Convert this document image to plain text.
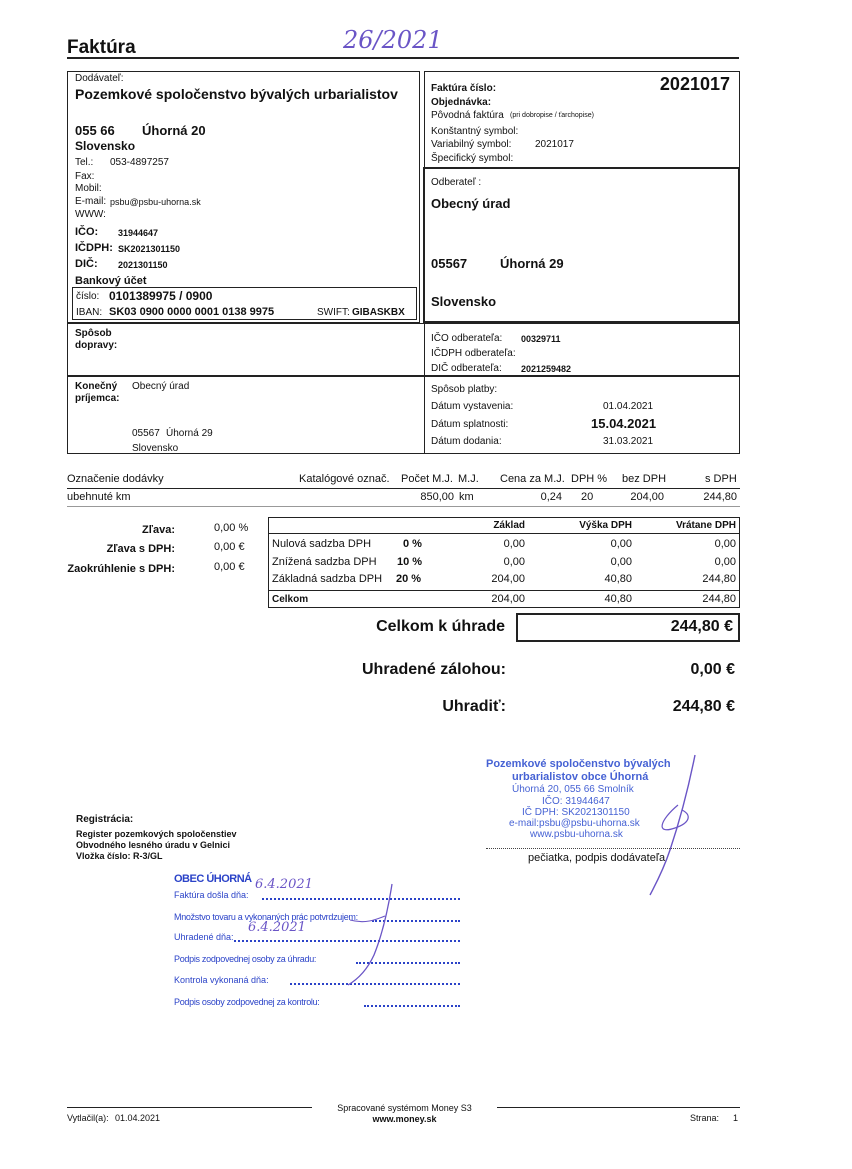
Faktúra	26/2021
Dodávateľ:
Pozemkové spoločenstvo bývalých urbarialistov
055 66 Úhorná 20
Slovensko
Tel.: 053-4897257
Fax:
Mobil:
E-mail: psbu@psbu-uhorna.sk
WWW:
IČO: 31944647
IČDPH: SK2021301150
DIČ: 2021301150
Bankový účet
číslo: 0101389975 / 0900
IBAN: SK03 0900 0000 0001 0138 9975	SWIFT: GIBASKBX
Faktúra číslo:	2021017
Objednávka:
Pôvodná faktúra (pri dobropise / ťarchopise)
Konštantný symbol:
Variabilný symbol: 2021017
Špecifický symbol:
Odberateľ :
Obecný úrad
05567	Úhorná 29
Slovensko
Spôsob
dopravy:
IČO odberateľa: 00329711
IČDPH odberateľa:
DIČ odberateľa: 2021259482
Konečný
príjemca:
Obecný úrad
05567 Úhorná 29
Slovensko
Spôsob platby:
Dátum vystavenia:	01.04.2021
Dátum splatnosti:	15.04.2021
Dátum dodania:	31.03.2021
Označenie dodávky	Katalógové označ. Počet M.J. M.J. Cena za M.J. DPH % bez DPH	s DPH
ubehnuté km	850,00 km	0,24 20	204,00	244,80
Zľava:	0,00 %
Zľava s DPH:	0,00 €
Zaokrúhlenie s DPH:	0,00 €
Základ	Výška DPH	Vrátane DPH
Nulová sadzba DPH	0 %	0,00	0,00	0,00
Znížená sadzba DPH 10 %	0,00	0,00	0,00
Základná sadzba DPH 20 %	204,00	40,80	244,80
Celkom	204,00	40,80	244,80
Celkom k úhrade	244,80 €
Uhradené zálohou:	0,00 €
Uhradiť:	244,80 €
Pozemkové spoločenstvo bývalých
urbarialistov obce Úhorná
Úhorná 20, 055 66 Smolník
IČO: 31944647
IČ DPH: SK2021301150
e-mail:psbu@psbu-uhorna.sk
www.psbu-uhorna.sk
pečiatka, podpis dodávateľa
Registrácia:
Register pozemkových spoločenstiev
Obvodného lesného úradu v Gelnici
Vložka číslo: R-3/GL
OBEC ÚHORNÁ
Faktúra došla dňa:
6.4.2021
Množstvo tovaru a vykonaných prác potvrdzujem:
Uhradené dňa:
6.4.2021
Podpis zodpovednej osoby za úhradu:
Kontrola vykonaná dňa:
Podpis osoby zodpovednej za kontrolu:
Vytlačil(a): 01.04.2021
Spracované systémom Money S3
www.money.sk	Strana: 1
